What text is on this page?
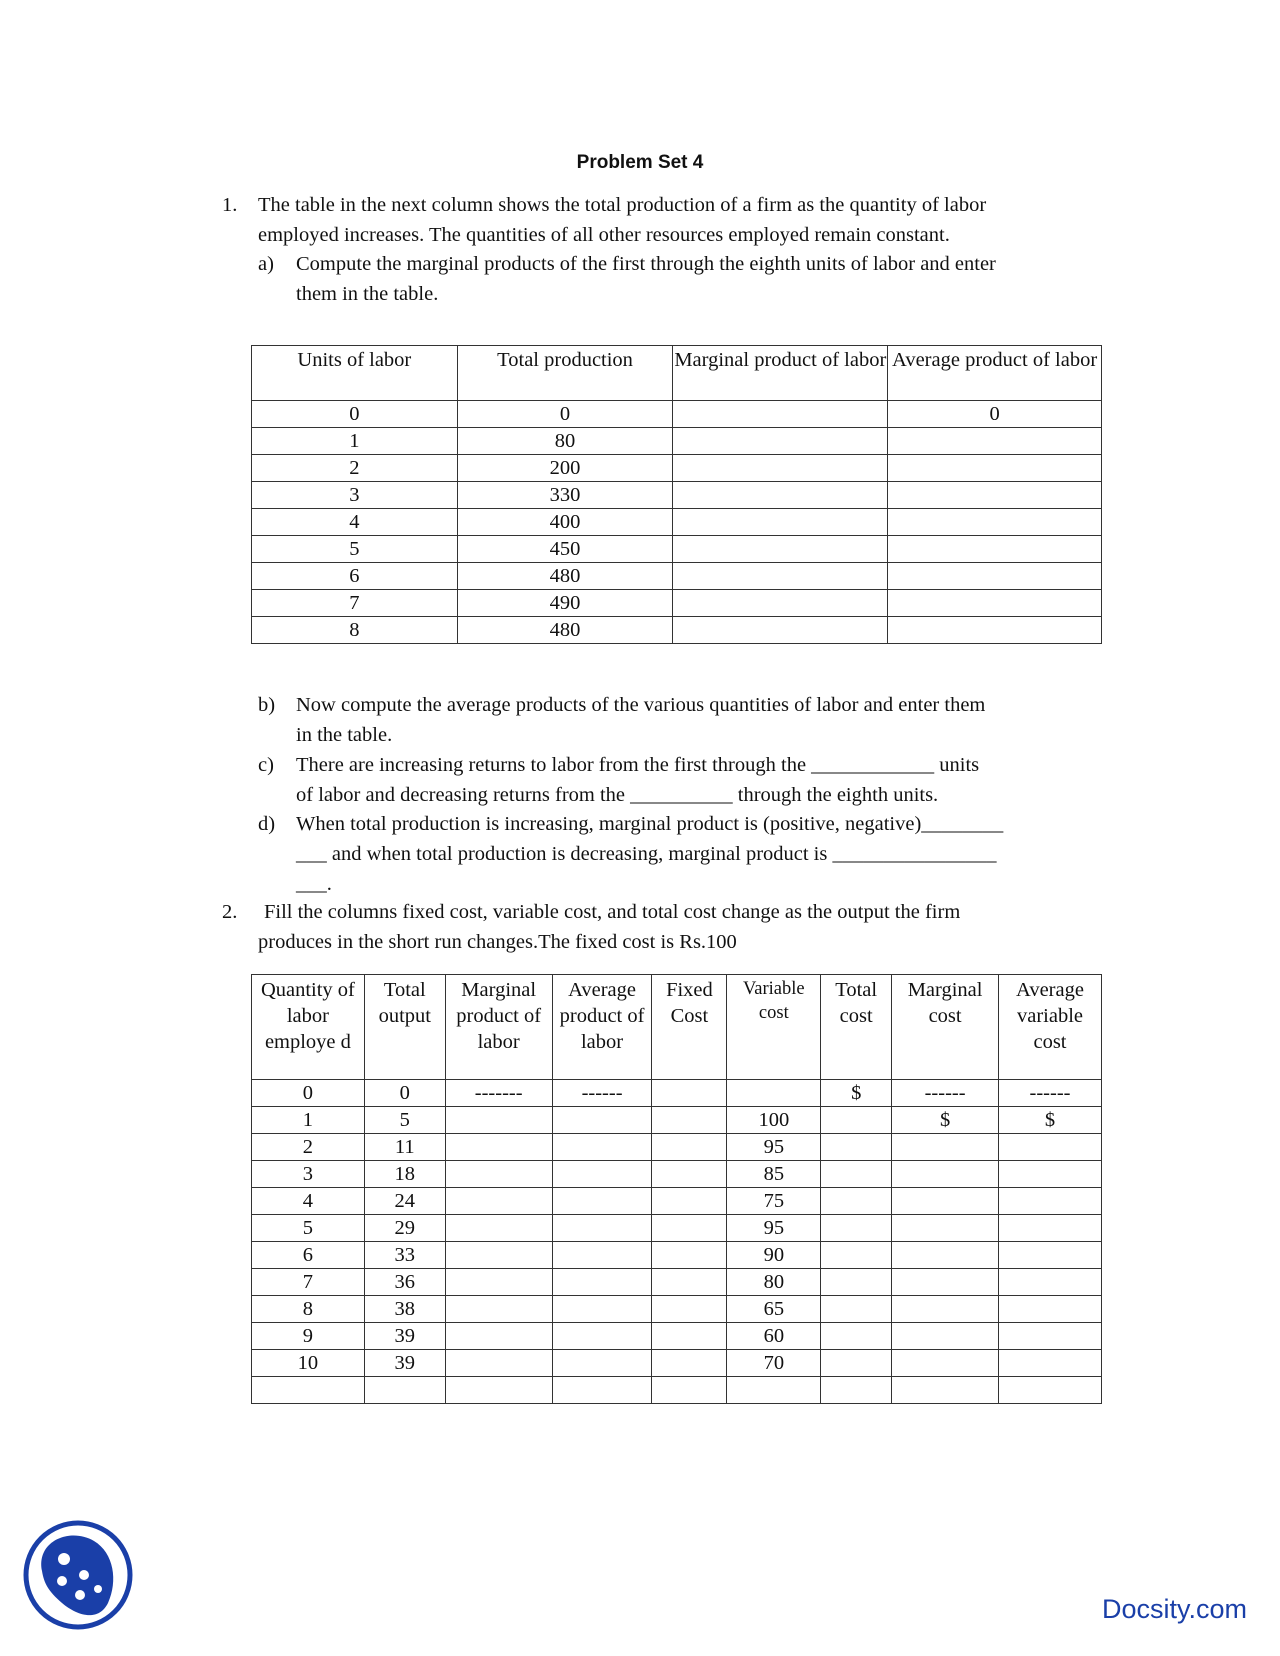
Problem Set 4
1. The table in the next column shows the total production of a firm as the quantity of labor
employed increases. The quantities of all other resources employed remain constant.
a) Compute the marginal products of the first through the eighth units of labor and enter
them in the table.
Units of labor	Total production	Marginal product of labor	Average product of labor
0	0		0
1	80		
2	200		
3	330		
4	400		
5	450		
6	480		
7	490		
8	480		
b) Now compute the average products of the various quantities of labor and enter them
in the table.
c) There are increasing returns to labor from the first through the ____________ units
of labor and decreasing returns from the __________ through the eighth units.
d) When total production is increasing, marginal product is (positive, negative)________
___ and when total production is decreasing, marginal product is ________________
___.
2. Fill the columns fixed cost, variable cost, and total cost change as the output the firm
produces in the short run changes.The fixed cost is Rs.100
Quantity of labor employe d	Total output	Marginal product of labor	Average product of labor	Fixed Cost	Variable cost	Total cost	Marginal cost	Average variable cost
0	0	-------	------			$	------	------
1	5				100		$	$
2	11				95			
3	18				85			
4	24				75			
5	29				95			
6	33				90			
7	36				80			
8	38				65			
9	39				60			
10	39				70			

Docsity.com
